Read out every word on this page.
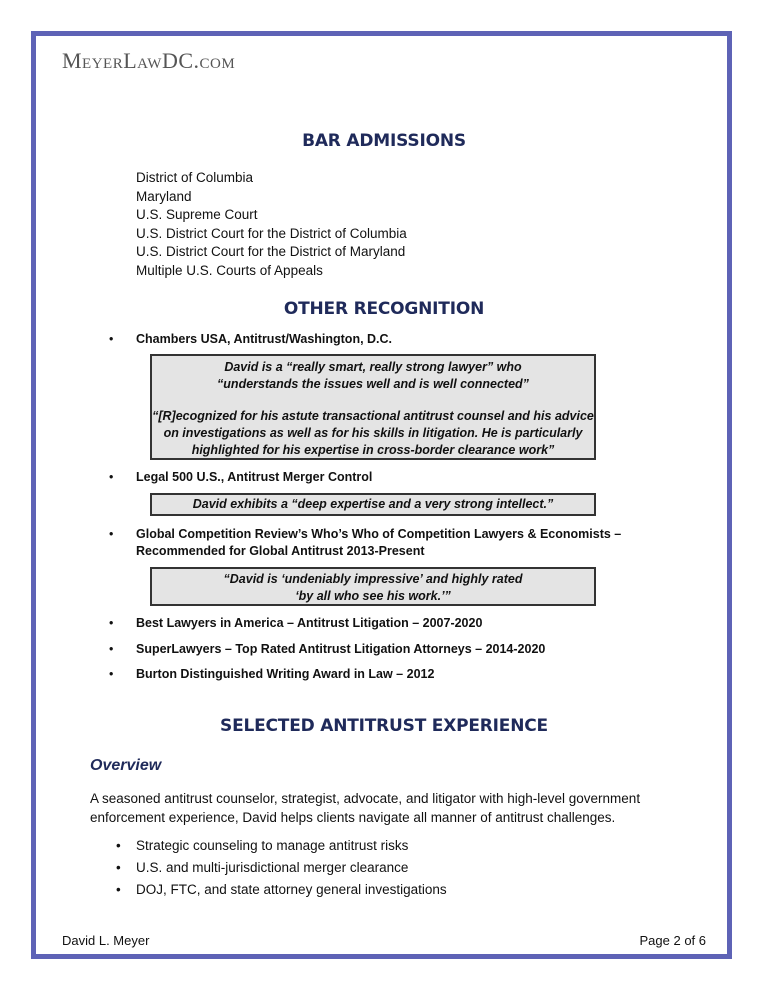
MeyerLawDC.com
BAR ADMISSIONS
District of Columbia
Maryland
U.S. Supreme Court
U.S. District Court for the District of Columbia
U.S. District Court for the District of Maryland
Multiple U.S. Courts of Appeals
OTHER RECOGNITION
Chambers USA, Antitrust/Washington, D.C.

David is a “really smart, really strong lawyer” who

“understands the issues well and is well connected”

“[R]ecognized for his astute transactional antitrust counsel and his advice

on investigations as well as for his skills in litigation. He is particularly

highlighted for his expertise in cross-border clearance work”

Legal 500 U.S., Antitrust Merger Control

David exhibits a “deep expertise and a very strong intellect.”

Global Competition Review’s Who’s Who of Competition Lawyers & Economists –
Recommended for Global Antitrust 2013-Present

“David is ‘undeniably impressive’ and highly rated

‘by all who see his work.’”

Best Lawyers in America – Antitrust Litigation – 2007-2020
SuperLawyers – Top Rated Antitrust Litigation Attorneys – 2014-2020
Burton Distinguished Writing Award in Law – 2012
SELECTED ANTITRUST EXPERIENCE
Overview
A seasoned antitrust counselor, strategist, advocate, and litigator with high-level government enforcement experience, David helps clients navigate all manner of antitrust challenges.
• Strategic counseling to manage antitrust risks
• U.S. and multi-jurisdictional merger clearance
• DOJ, FTC, and state attorney general investigations
David L. Meyer	Page 2 of 6
